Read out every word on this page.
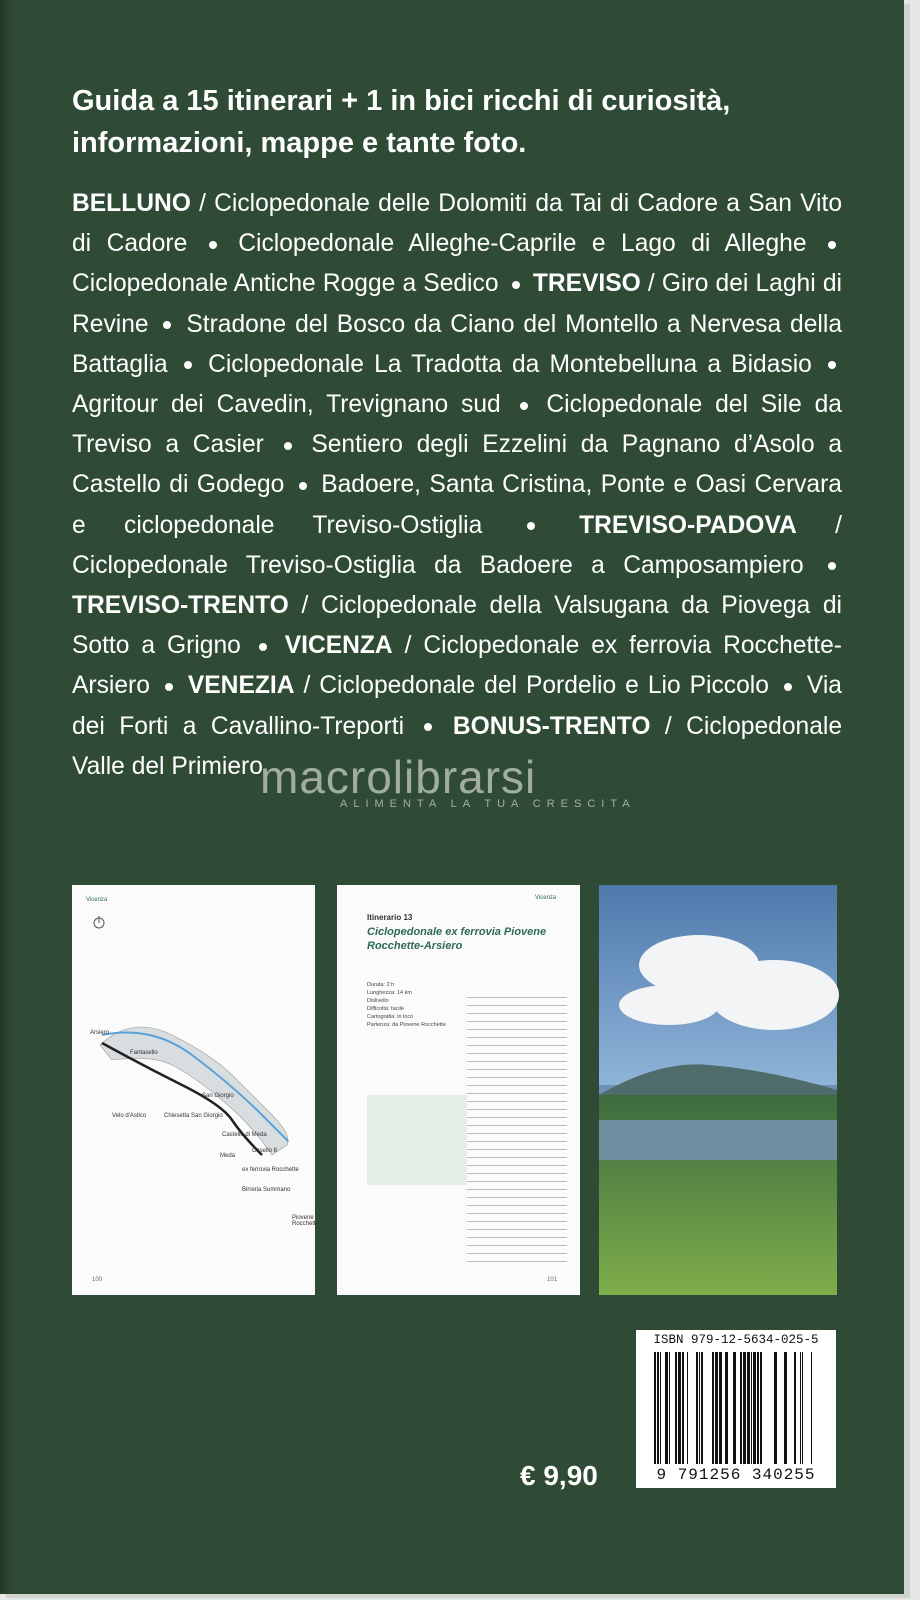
Guida a 15 itinerari + 1 in bici ricchi di curiosità, informazioni, mappe e tante foto.
BELLUNO / Ciclopedonale delle Dolomiti da Tai di Cadore a San Vito di Cadore Ciclopedonale Alleghe-Caprile e Lago di Alleghe  Ciclopedonale Antiche Rogge a Sedico TREVISO / Giro dei Laghi di Revine Stradone del Bosco da Ciano del Montello a Nervesa della Battaglia Ciclopedonale La Tradotta da Montebelluna a Bidasio  Agritour dei Cavedin, Trevignano sud Ciclopedonale del Sile da Treviso a Casier Sentiero degli Ezzelini da Pagnano d’Asolo a Castello di Godego Badoere, Santa Cristina, Ponte e Oasi Cervara e ciclopedonale Treviso-Ostiglia	TREVISO-PADOVA / Ciclopedonale Treviso-Ostiglia da Badoere a Camposampiero  TREVISO-TRENTO / Ciclopedonale della Valsugana da Piovega di Sotto a Grigno VICENZA / Ciclopedonale ex ferrovia Rocchette-Arsiero VENEZIA / Ciclopedonale del Pordelio e Lio Piccolo Via dei Forti a Cavallino-Treporti BONUS-TRENTO / Ciclopedonale Valle del Primiero
macrolibrarsi
ALIMENTA LA TUA CRESCITA
Vicenza
Arsiero
Fantasello
Velo d'Astico
San Giorgio
Chiesetta San Giorgio
Castello di Meda
Casello 6
Meda
ex ferrovia Rocchette
Birreria Summano
Piovene Rocchette
100
Vicenza
Itinerario 13
Ciclopedonale ex ferrovia Piovene Rocchette-Arsiero
Durata: 2 h
Lunghezza: 14 km
Dislivello
Difficoltà: facile
Cartografia: in loco
Partenza: da Piovene Rocchette
101
€ 9,90
ISBN 979-12-5634-025-5
9 791256 340255
